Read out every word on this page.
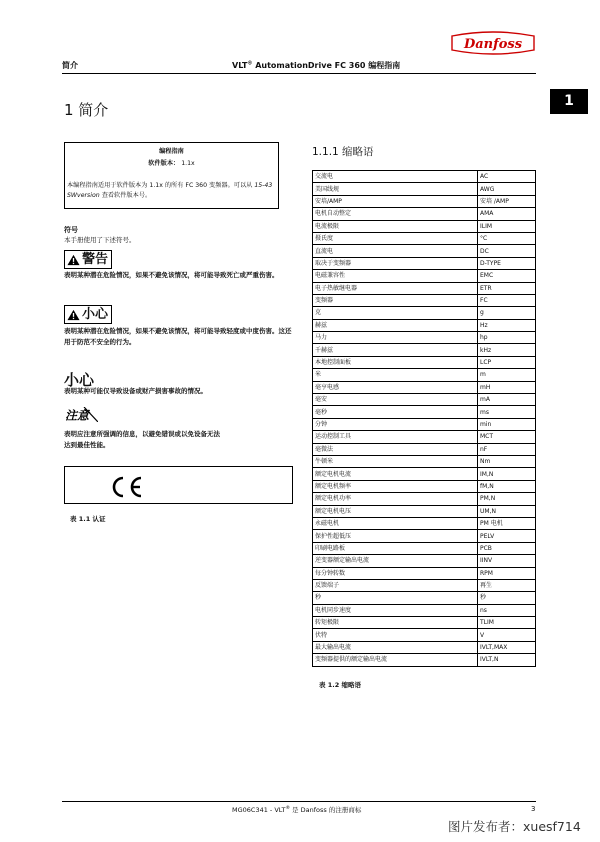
Danfoss
简介	VLT® AutomationDrive FC 360 编程指南
1
1 简介
编程指南
软件版本： 1.1x
本编程指南适用于软件版本为 1.1x 的所有 FC 360 变频器。可以从 15-43 SWversion 查看软件版本号。
符号
本手册使用了下述符号。
警告
表明某种潜在危险情况，如果不避免该情况，将可能导致死亡或严重伤害。
小心
表明某种潜在危险情况，如果不避免该情况，将可能导致轻度或中度伤害。这还用于防范不安全的行为。
小心
表明某种可能仅导致设备或财产损害事故的情况。
注意
表明应注意所强调的信息，以避免错误或以免设备无法达到最佳性能。
表 1.1 认证
1.1.1 缩略语
交流电	AC
美国线规	AWG
安培/AMP	安培 /AMP
电机自动整定	AMA
电流极限	ILIM
摄氏度	°C
直流电	DC
取决于变频器	D-TYPE
电磁兼容性	EMC
电子热敏继电器	ETR
变频器	FC
克	g
赫兹	Hz
马力	hp
千赫兹	kHz
本地控制面板	LCP
米	m
毫亨电感	mH
毫安	mA
毫秒	ms
分钟	min
运动控制工具	MCT
毫微法	nF
牛顿米	Nm
额定电机电流	IM,N
额定电机频率	fM,N
额定电机功率	PM,N
额定电机电压	UM,N
永磁电机	PM 电机
保护性超低压	PELV
印刷电路板	PCB
逆变器额定输出电流	IINV
每分钟转数	RPM
反馈端子	再生
秒	秒
电机同步速度	ns
转矩极限	TLIM
伏特	V
最大输出电流	IVLT,MAX
变频器提供的额定输出电流	IVLT,N
表 1.2 缩略语
MG06C341 - VLT® 是 Danfoss 的注册商标	3
图片发布者：xuesf714
